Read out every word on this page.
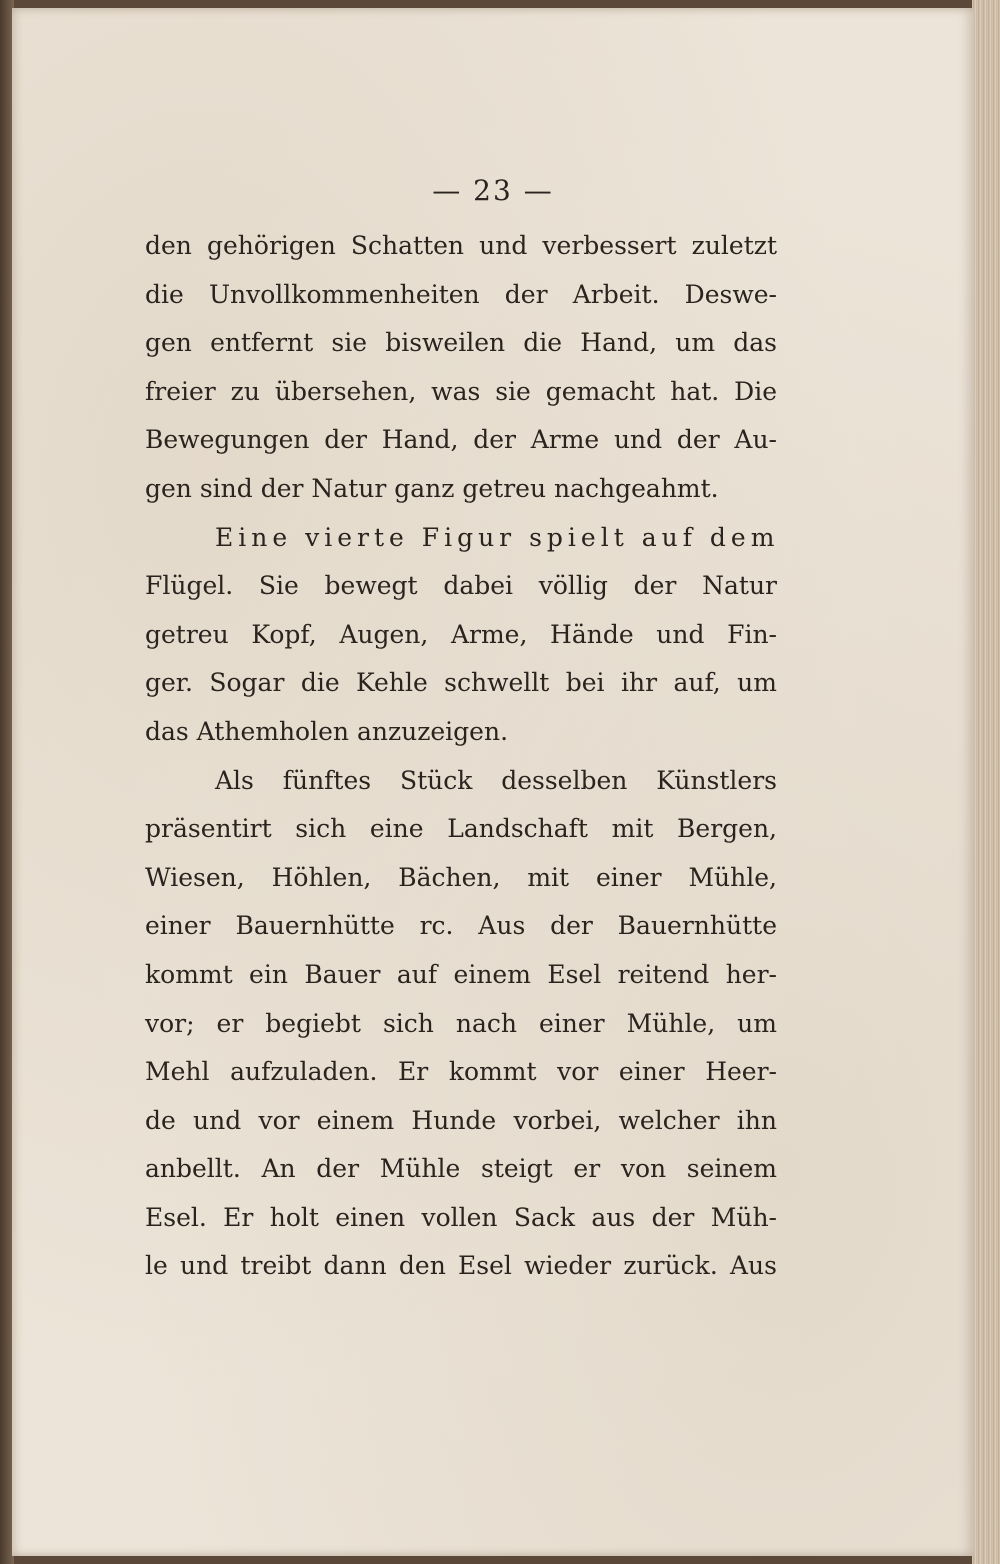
— 23 —
den gehörigen Schatten und verbessert zuletzt
die Unvollkommenheiten der Arbeit. Deswe-
gen entfernt sie bisweilen die Hand, um das
freier zu übersehen, was sie gemacht hat. Die
Bewegungen der Hand, der Arme und der Au-
gen sind der Natur ganz getreu nachgeahmt.
Eine vierte Figur spielt auf dem
Flügel. Sie bewegt dabei völlig der Natur
getreu Kopf, Augen, Arme, Hände und Fin-
ger. Sogar die Kehle schwellt bei ihr auf, um
das Athemholen anzuzeigen.
Als fünftes Stück desselben Künstlers
präsentirt sich eine Landschaft mit Bergen,
Wiesen, Höhlen, Bächen, mit einer Mühle,
einer Bauernhütte rc. Aus der Bauernhütte
kommt ein Bauer auf einem Esel reitend her-
vor; er begiebt sich nach einer Mühle, um
Mehl aufzuladen. Er kommt vor einer Heer-
de und vor einem Hunde vorbei, welcher ihn
anbellt. An der Mühle steigt er von seinem
Esel. Er holt einen vollen Sack aus der Müh-
le und treibt dann den Esel wieder zurück. Aus
